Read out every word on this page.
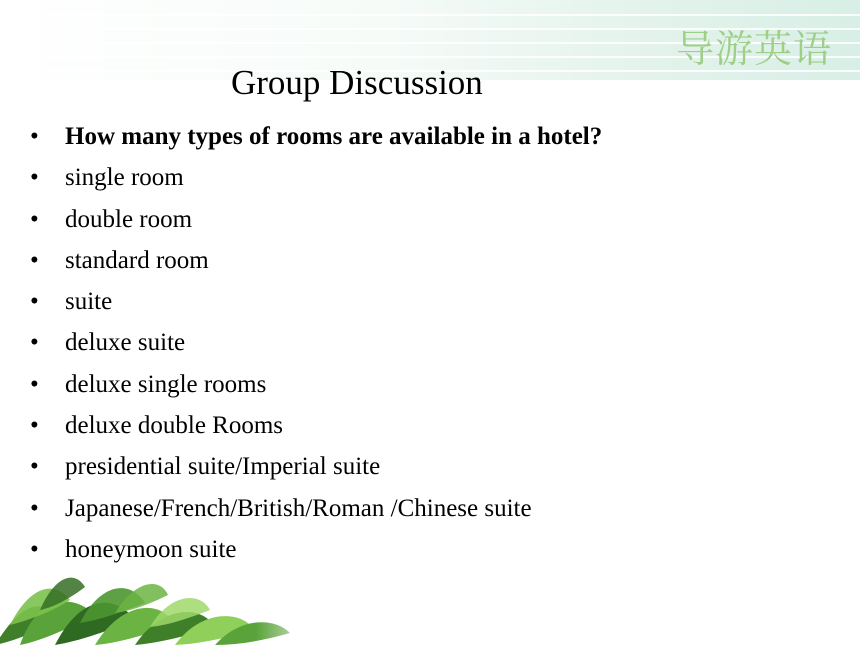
导游英语
Group Discussion
•	How many types of rooms are available in a hotel?
•	single room
•	double room
•	standard room
•	suite
•	deluxe suite
•	deluxe single rooms
•	deluxe double Rooms
•	presidential suite/Imperial suite
•	Japanese/French/British/Roman /Chinese suite
•	honeymoon suite
